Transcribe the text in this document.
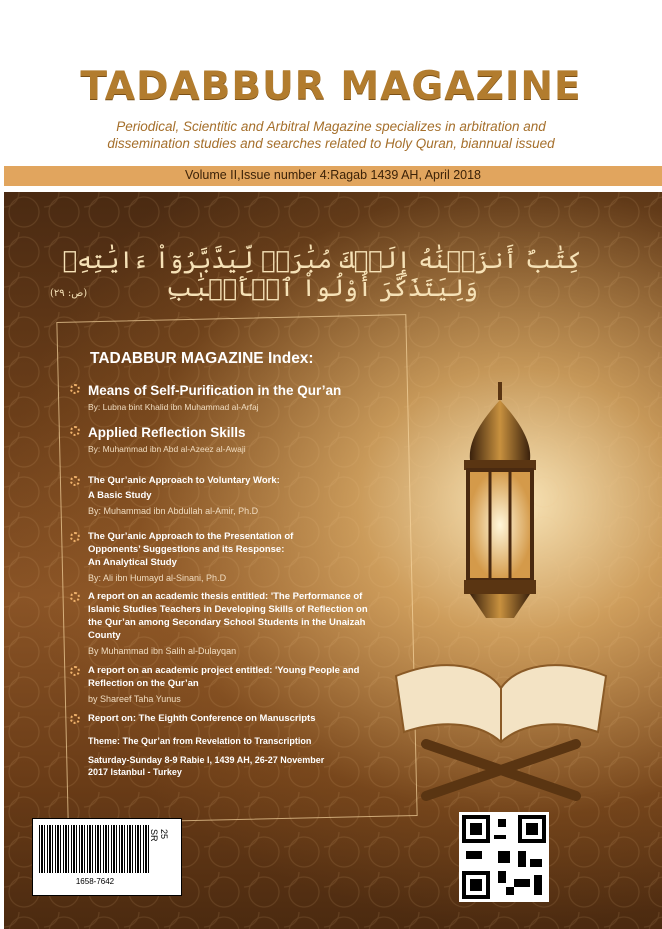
TADABBUR MAGAZINE
Periodical, Scientitic and Arbitral Magazine specializes in arbitration and
dissemination studies and searches related to Holy Quran, biannual issued
Volume II,Issue number 4:Ragab 1439 AH, April 2018
كِتَٰبٌ أَنزَلۡنَٰهُ إِلَيۡكَ مُبَٰرَكٞ لِّيَدَّبَّرُوٓاْ ءَايَٰتِهِۦ وَلِيَتَذَكَّرَ أُوْلُواْ ٱلۡأَلۡبَٰبِ
(ص: ٢٩)
TADABBUR MAGAZINE Index:
Means of Self-Purification in the Qur’an
By: Lubna bint Khalid ibn Muhammad al-Arfaj
Applied Reflection Skills
By: Muhammad ibn Abd al-Azeez al-Awaji
The Qur’anic Approach to Voluntary Work:
A Basic Study
By: Muhammad ibn Abdullah al-Amir, Ph.D
The Qur’anic Approach to the Presentation of
Opponents’ Suggestions and its Response:
An Analytical Study
By: Ali ibn Humayd al-Sinani, Ph.D
A report on an academic thesis entitled: 'The Performance of
Islamic Studies Teachers in Developing Skills of Reflection on
the Qur’an among Secondary School Students in the Unaizah
County
By Muhammad ibn Salih al-Dulayqan
A report on an academic project entitled: 'Young People and
Reflection on the Qur’an
by Shareef Taha Yunus
Report on: The Eighth Conference on Manuscripts
Theme: The Qur’an from Revelation to Transcription
Saturday-Sunday 8-9 Rabie I, 1439 AH, 26-27 November
2017 Istanbul - Turkey
1658-7642
25 SR
